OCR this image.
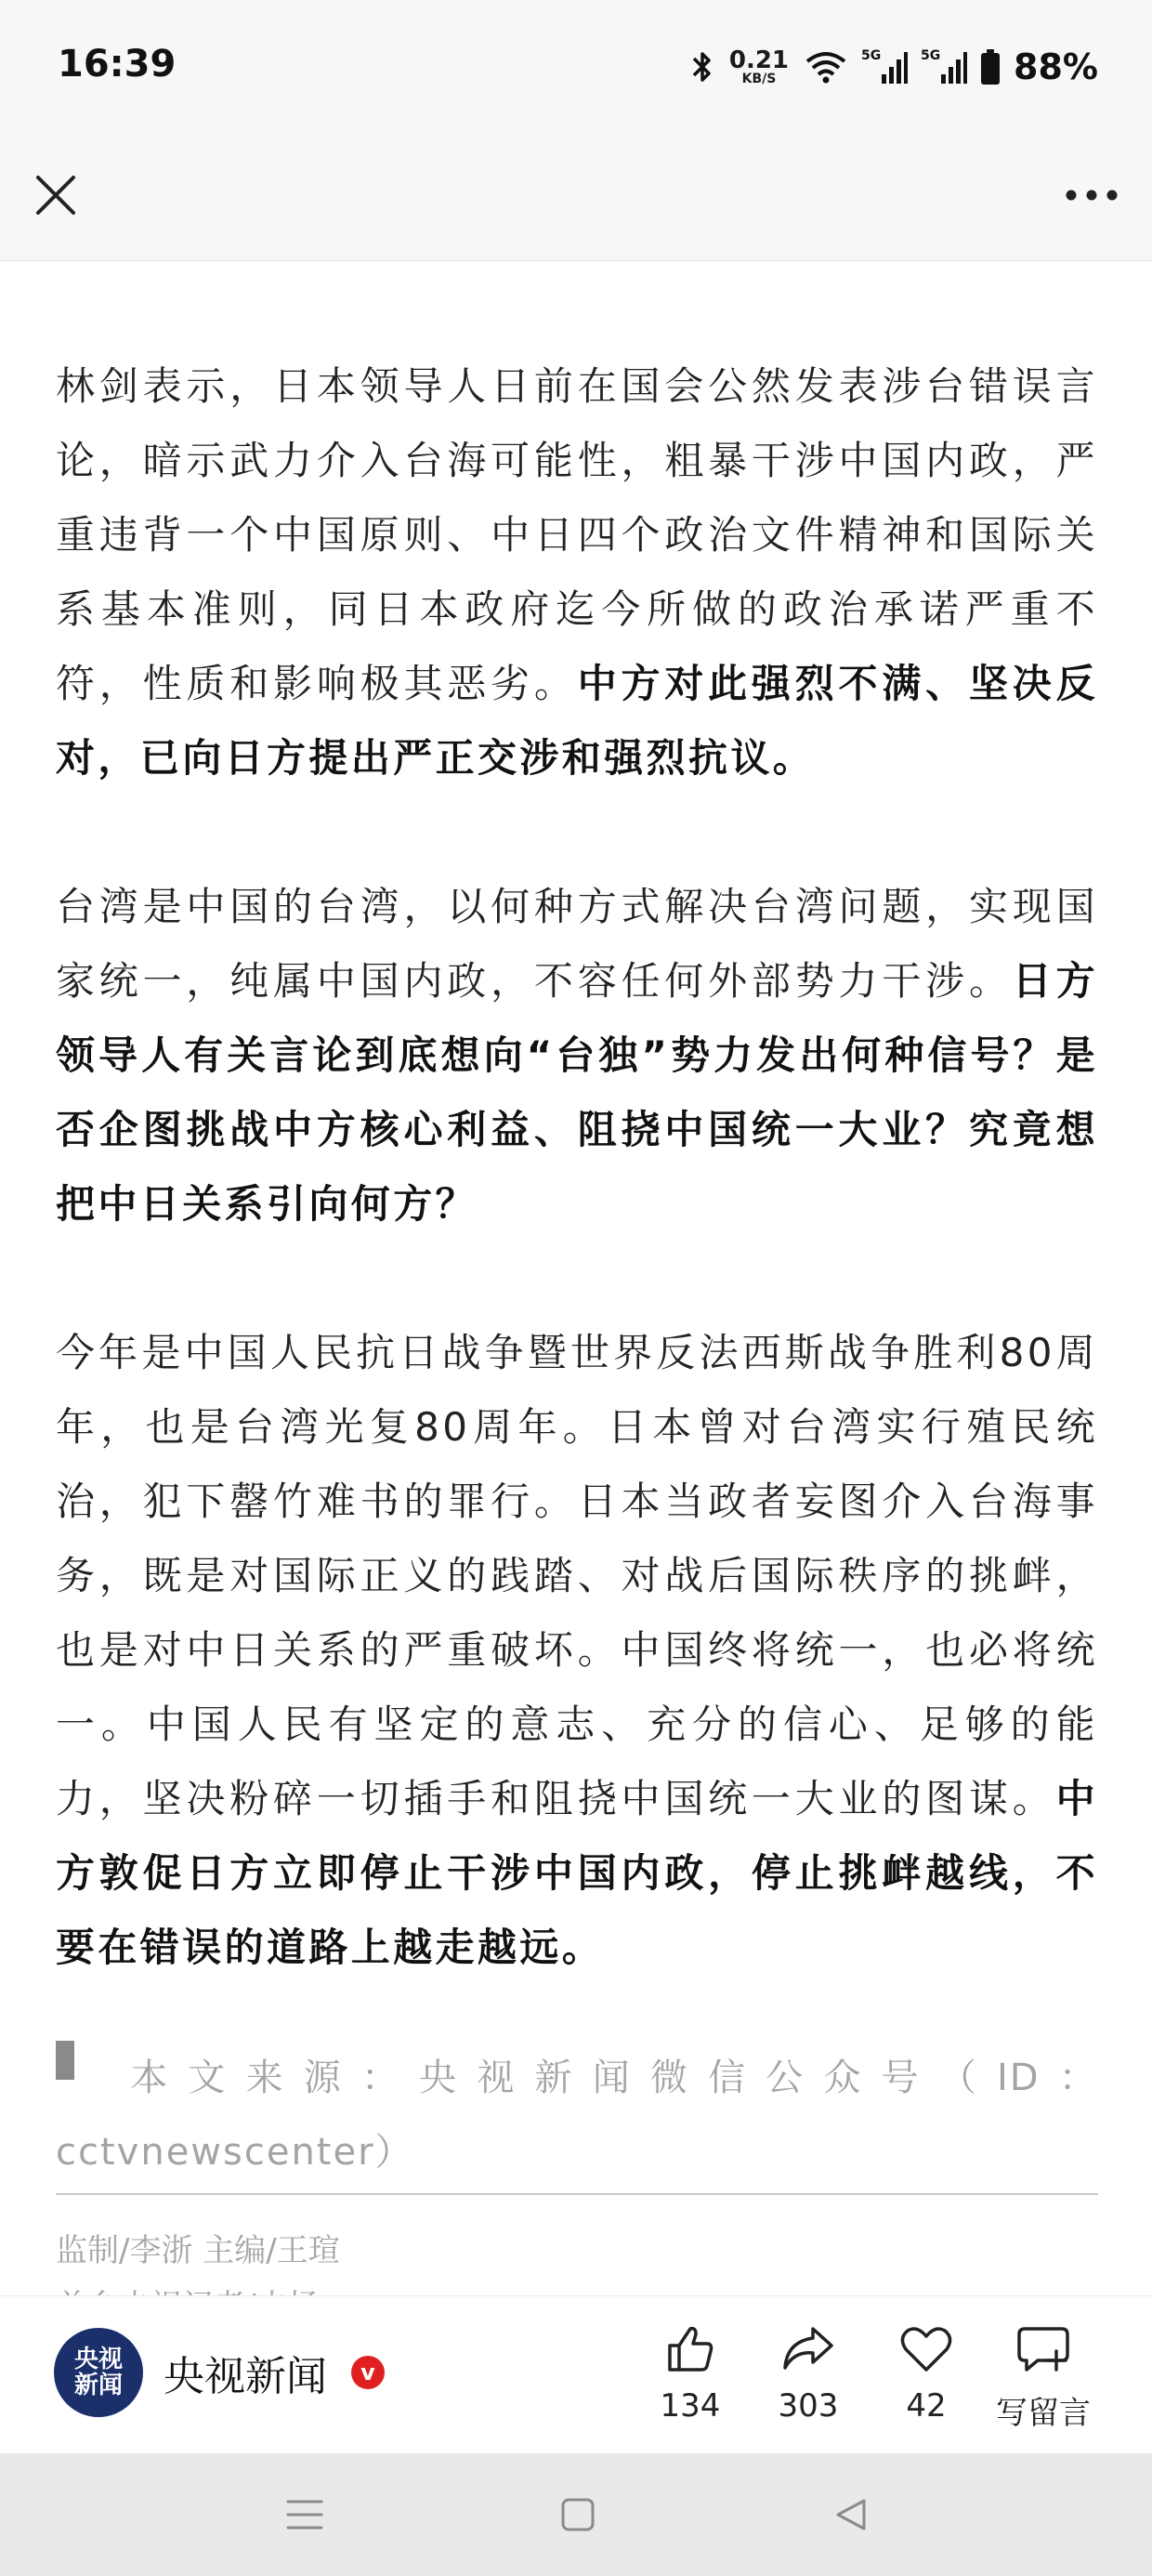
16:39	0.21
KB/S
5G	5G 88%

林剑表示，日本领导人日前在国会公然发表涉台错误言论，暗示武力介入台海可能性，粗暴干涉中国内政，严重违背一个中国原则、中日四个政治文件精神和国际关系基本准则，同日本政府迄今所做的政治承诺严重不符，性质和影响极其恶劣。中方对此强烈不满、坚决反对，已向日方提出严正交涉和强烈抗议。

台湾是中国的台湾，以何种方式解决台湾问题，实现国家统一，纯属中国内政，不容任何外部势力干涉。日方领导人有关言论到底想向“台独”势力发出何种信号？是否企图挑战中方核心利益、阻挠中国统一大业？究竟想把中日关系引向何方？

今年是中国人民抗日战争暨世界反法西斯战争胜利80周年，也是台湾光复80周年。日本曾对台湾实行殖民统治，犯下罄竹难书的罪行。日本当政者妄图介入台海事务，既是对国际正义的践踏、对战后国际秩序的挑衅，也是对中日关系的严重破坏。中国终将统一，也必将统一。中国人民有坚定的意志、充分的信心、足够的能力，坚决粉碎一切插手和阻挠中国统一大业的图谋。中方敦促日方立即停止干涉中国内政，停止挑衅越线，不要在错误的道路上越走越远。

本 文 来 源 ： 央 视 新 闻 微 信 公 众 号 （ ID ：
cctvnewscenter）
监制/李浙 主编/王瑄
央视
新闻 央视新闻	v
134 303 42 写留言
